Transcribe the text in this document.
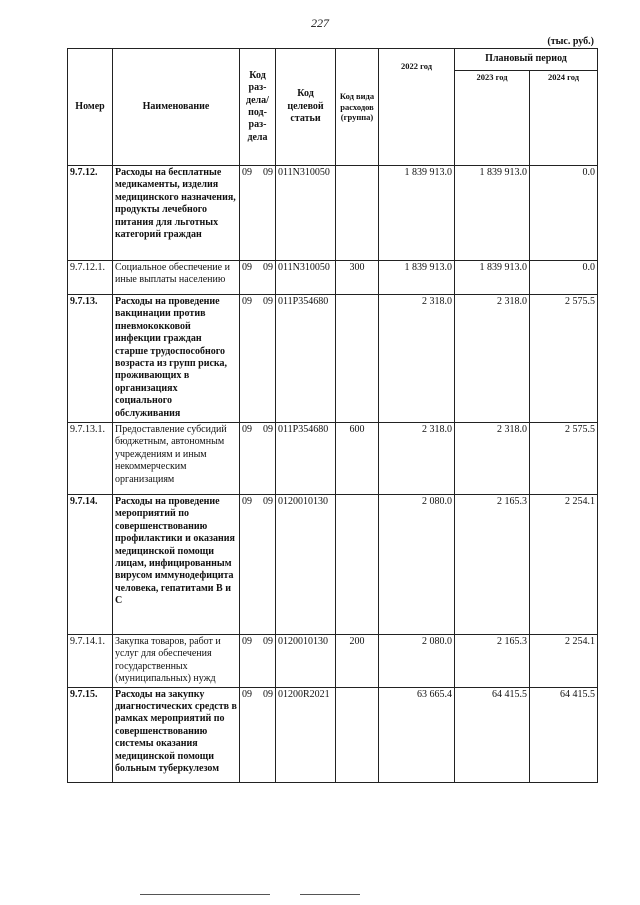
227
(тыс. руб.)
Номер	Наименование	Код раз- дела/ под- раз- дела	Код целевой статьи	Код вида расходов (группа)	2022 год	Плановый период	
						2023 год	2024 год
9.7.12.	Расходы на бесплатные медикаменты, изделия медицинского назначения, продукты лечебного питания для льготных категорий граждан	09 09	011N310050		1 839 913.0	1 839 913.0	0.0
9.7.12.1.	Социальное обеспечение и иные выплаты населению	09 09	011N310050	300	1 839 913.0	1 839 913.0	0.0
9.7.13.	Расходы на проведение вакцинации против пневмококковой инфекции граждан старше трудоспособного возраста из групп риска, проживающих в организациях социального обслуживания	09 09	011P354680		2 318.0	2 318.0	2 575.5
9.7.13.1.	Предоставление субсидий бюджетным, автономным учреждениям и иным некоммерческим организациям	09 09	011P354680	600	2 318.0	2 318.0	2 575.5
9.7.14.	Расходы на проведение мероприятий по совершенствованию профилактики и оказания медицинской помощи лицам, инфицированным вирусом иммунодефицита человека, гепатитами В и С	09 09	0120010130		2 080.0	2 165.3	2 254.1
9.7.14.1.	Закупка товаров, работ и услуг для обеспечения государственных (муниципальных) нужд	09 09	0120010130	200	2 080.0	2 165.3	2 254.1
9.7.15.	Расходы на закупку диагностических средств в рамках мероприятий по совершенствованию системы оказания медицинской помощи больным туберкулезом	09 09	01200R2021		63 665.4	64 415.5	64 415.5
